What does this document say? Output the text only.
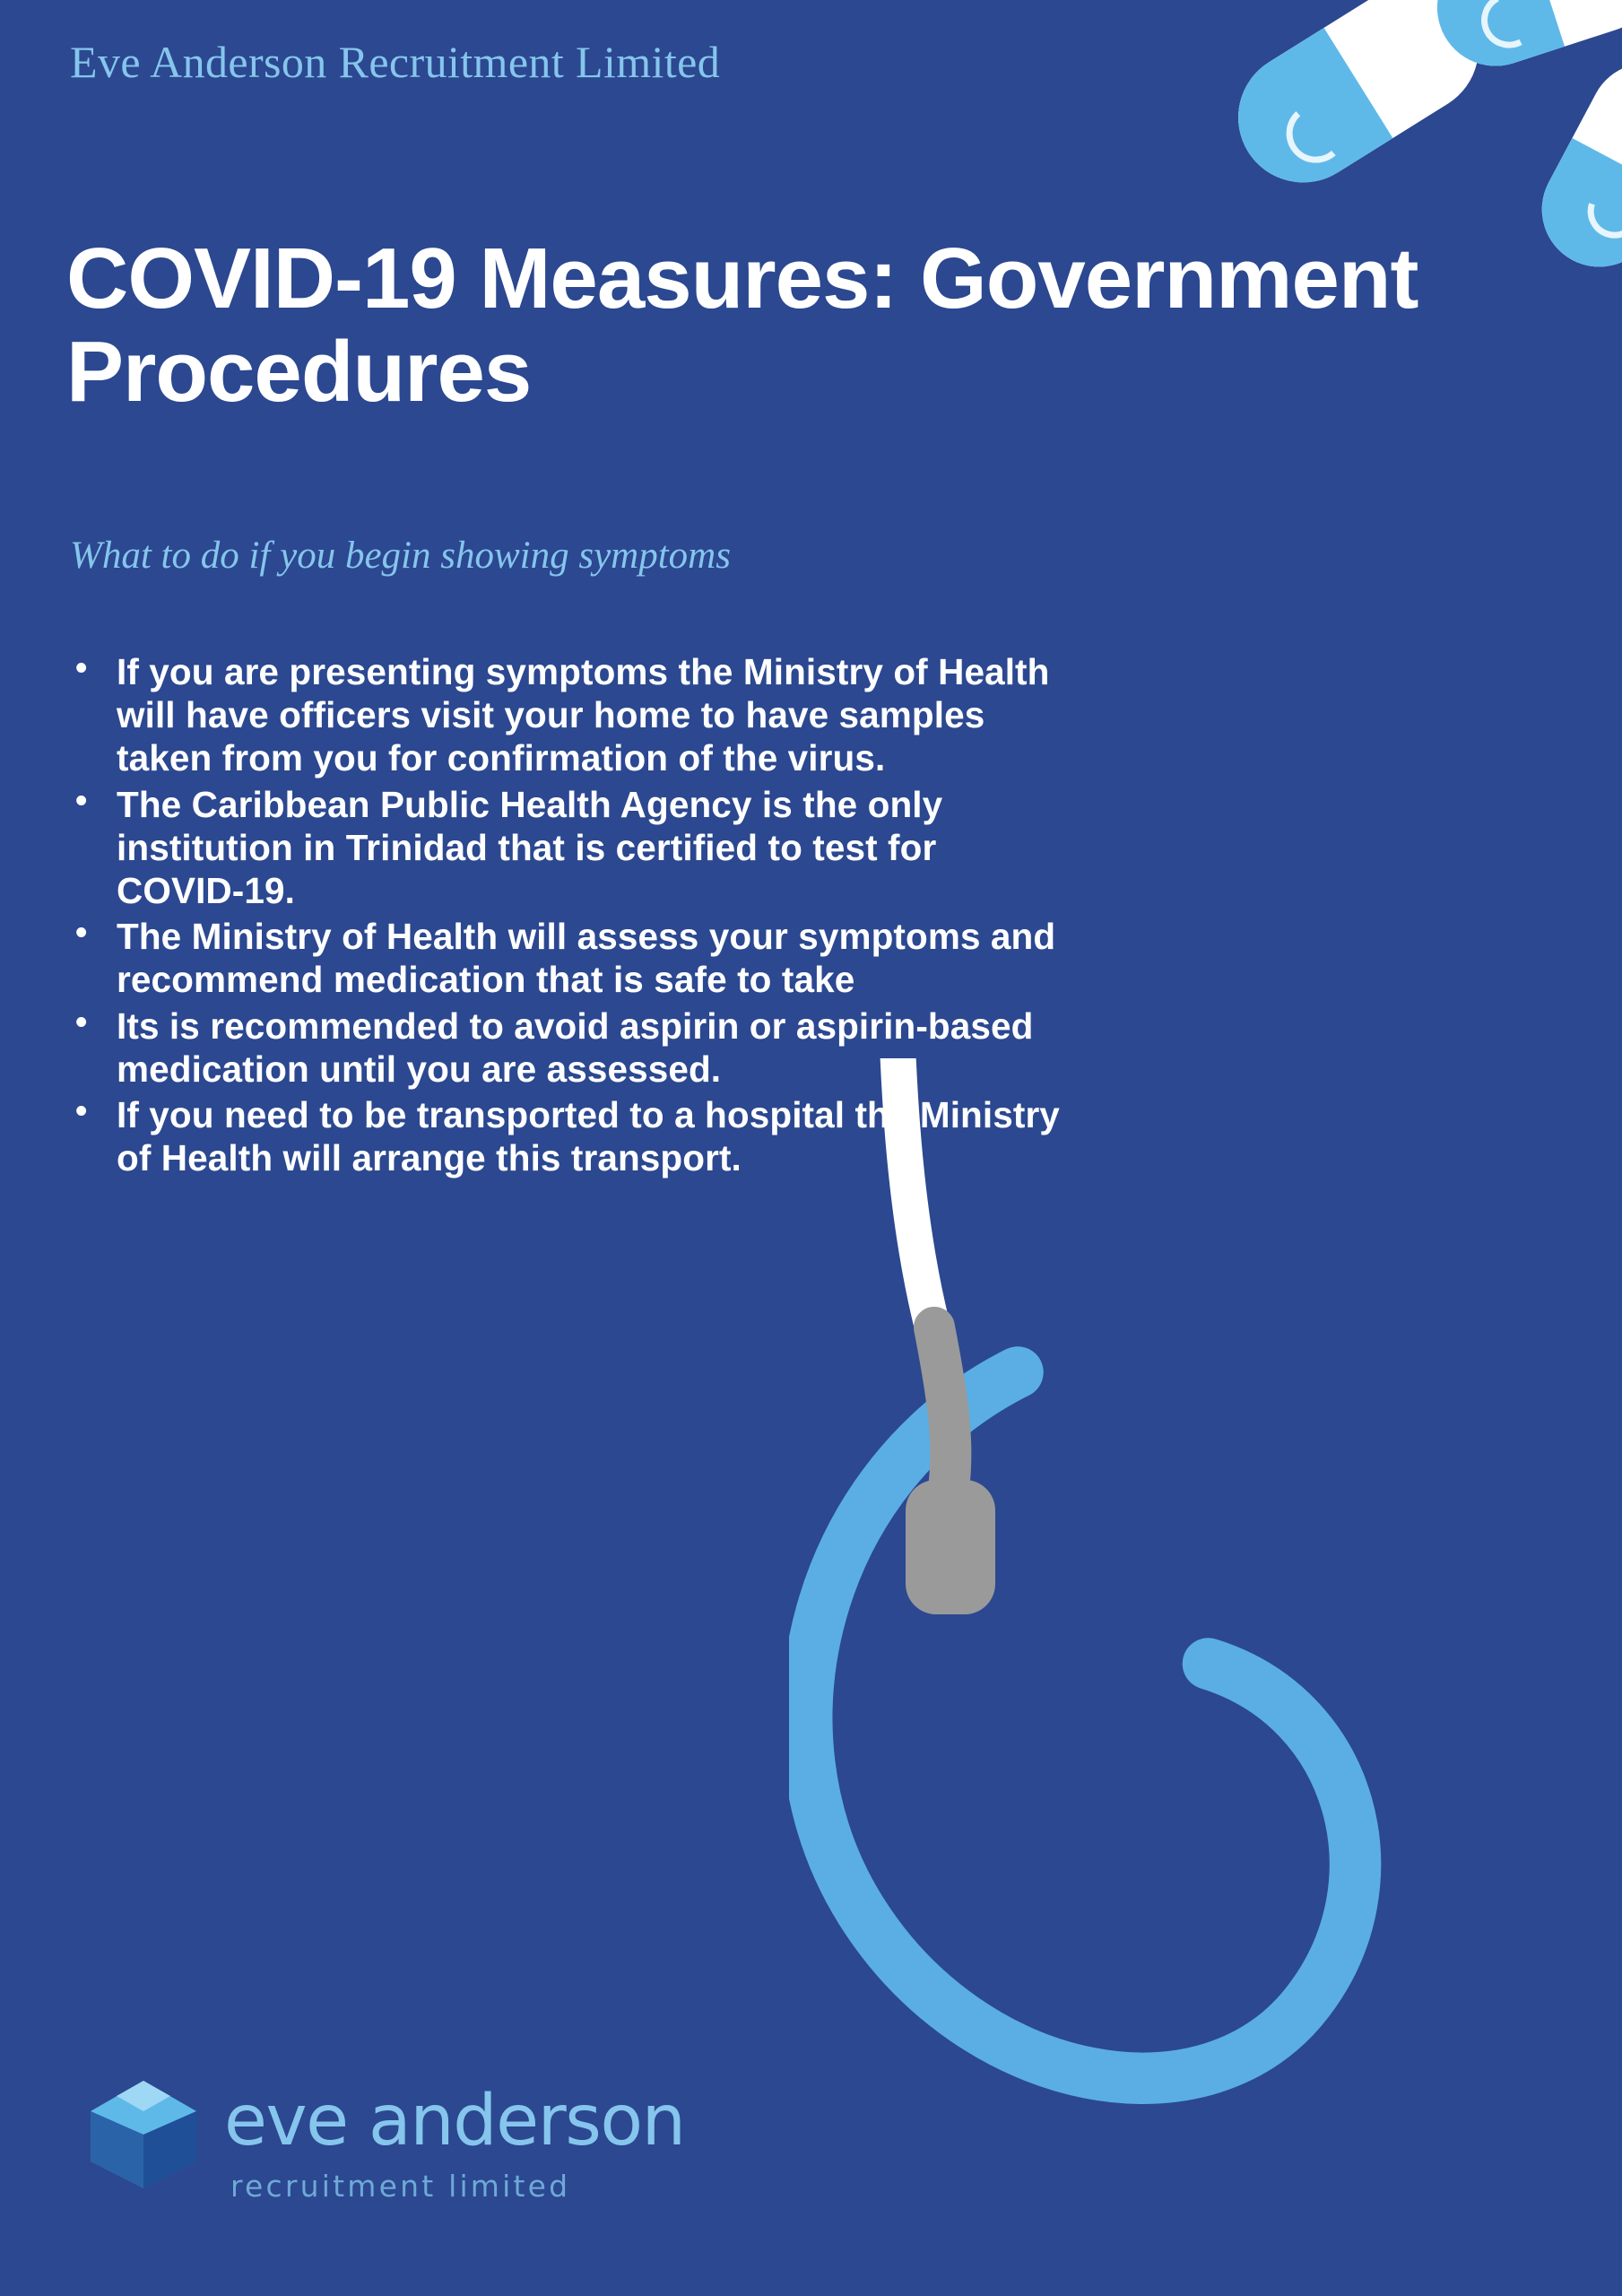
Eve Anderson Recruitment Limited
COVID-19 Measures: Government Procedures
What to do if you begin showing symptoms
• If you are presenting symptoms the Ministry of Health will have officers visit your home to have samples taken from you for confirmation of the virus.
• The Caribbean Public Health Agency is the only institution in Trinidad that is certified to test for COVID-19.
• The Ministry of Health will assess your symptoms and recommend medication that is safe to take
• Its is recommended to avoid aspirin or aspirin-based medication until you are assessed.
• If you need to be transported to a hospital the Ministry of Health will arrange this transport.
eve anderson
recruitment limited
